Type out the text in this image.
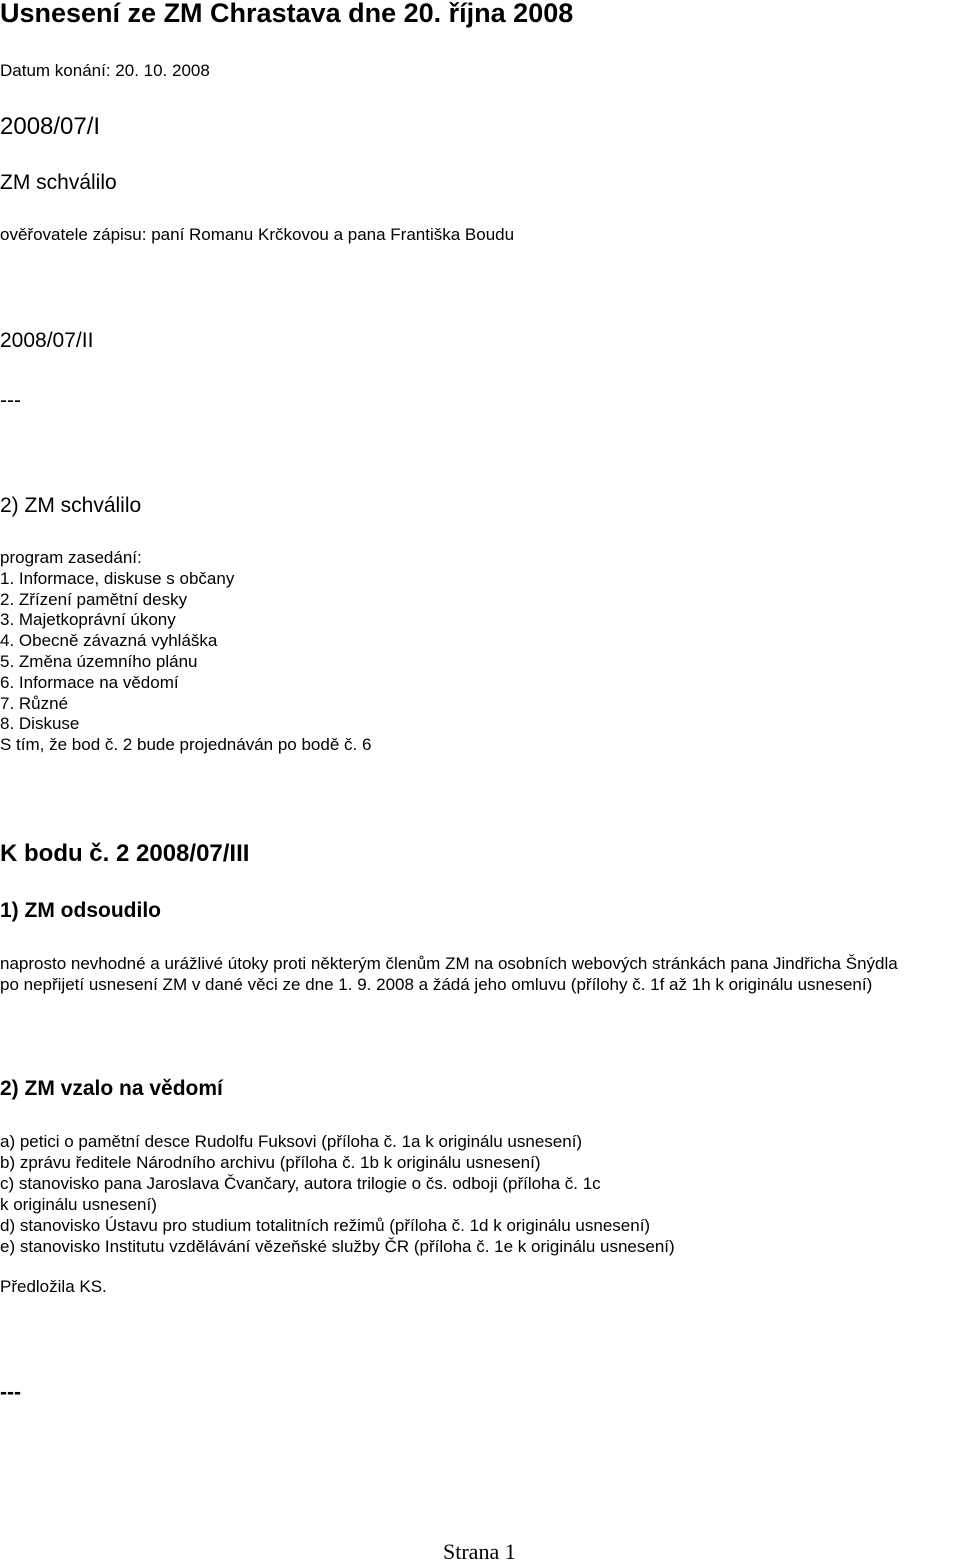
Usnesení ze ZM Chrastava dne 20. října 2008

Datum konání: 20. 10. 2008

2008/07/I

ZM schválilo

ověřovatele zápisu: paní Romanu Krčkovou a pana Františka Boudu

2008/07/II

---

2) ZM schválilo

program zasedání:
1. Informace, diskuse s občany
2. Zřízení pamětní desky
3. Majetkoprávní úkony
4. Obecně závazná vyhláška
5. Změna územního plánu
6. Informace na vědomí
7. Různé
8. Diskuse
S tím, že bod č. 2 bude projednáván po bodě č. 6

K bodu č. 2 2008/07/III

1) ZM odsoudilo

naprosto nevhodné a urážlivé útoky proti některým členům ZM na osobních webových stránkách pana Jindřicha Šnýdla

po nepřijetí usnesení ZM v dané věci ze dne 1. 9. 2008 a žádá jeho omluvu (přílohy č. 1f až 1h k originálu usnesení)

2) ZM vzalo na vědomí

a) petici o pamětní desce Rudolfu Fuksovi (příloha č. 1a k originálu usnesení)

b) zprávu ředitele Národního archivu (příloha č. 1b k originálu usnesení)

c) stanovisko pana Jaroslava Čvančary, autora trilogie o čs. odboji (příloha č. 1c

k originálu usnesení)

d) stanovisko Ústavu pro studium totalitních režimů (příloha č. 1d k originálu usnesení)

e) stanovisko Institutu vzdělávání vězeňské služby ČR (příloha č. 1e k originálu usnesení)

Předložila KS.

---

Strana 1
